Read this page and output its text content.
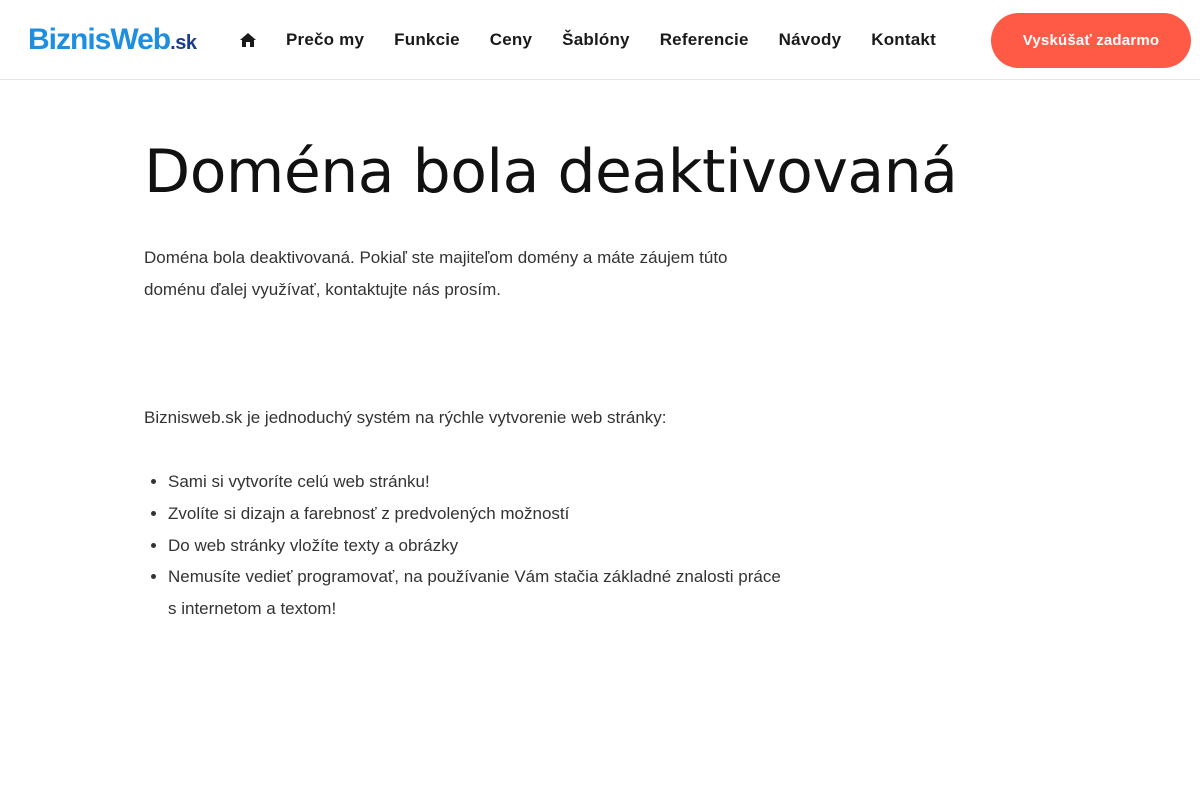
BiznisWeb .sk	Prečo my Funkcie Ceny Šablóny Referencie Návody Kontakt	Vyskúšať zadarmo
Doména bola deaktivovaná

Doména bola deaktivovaná. Pokiaľ ste majiteľom domény a máte záujem túto doménu ďalej využívať, kontaktujte nás prosím.

Biznisweb.sk je jednoduchý systém na rýchle vytvorenie web stránky:

• Sami si vytvoríte celú web stránku!
• Zvolíte si dizajn a farebnosť z predvolených možností
• Do web stránky vložíte texty a obrázky
• Nemusíte vedieť programovať, na používanie Vám stačia základné znalosti práce s internetom a textom!
